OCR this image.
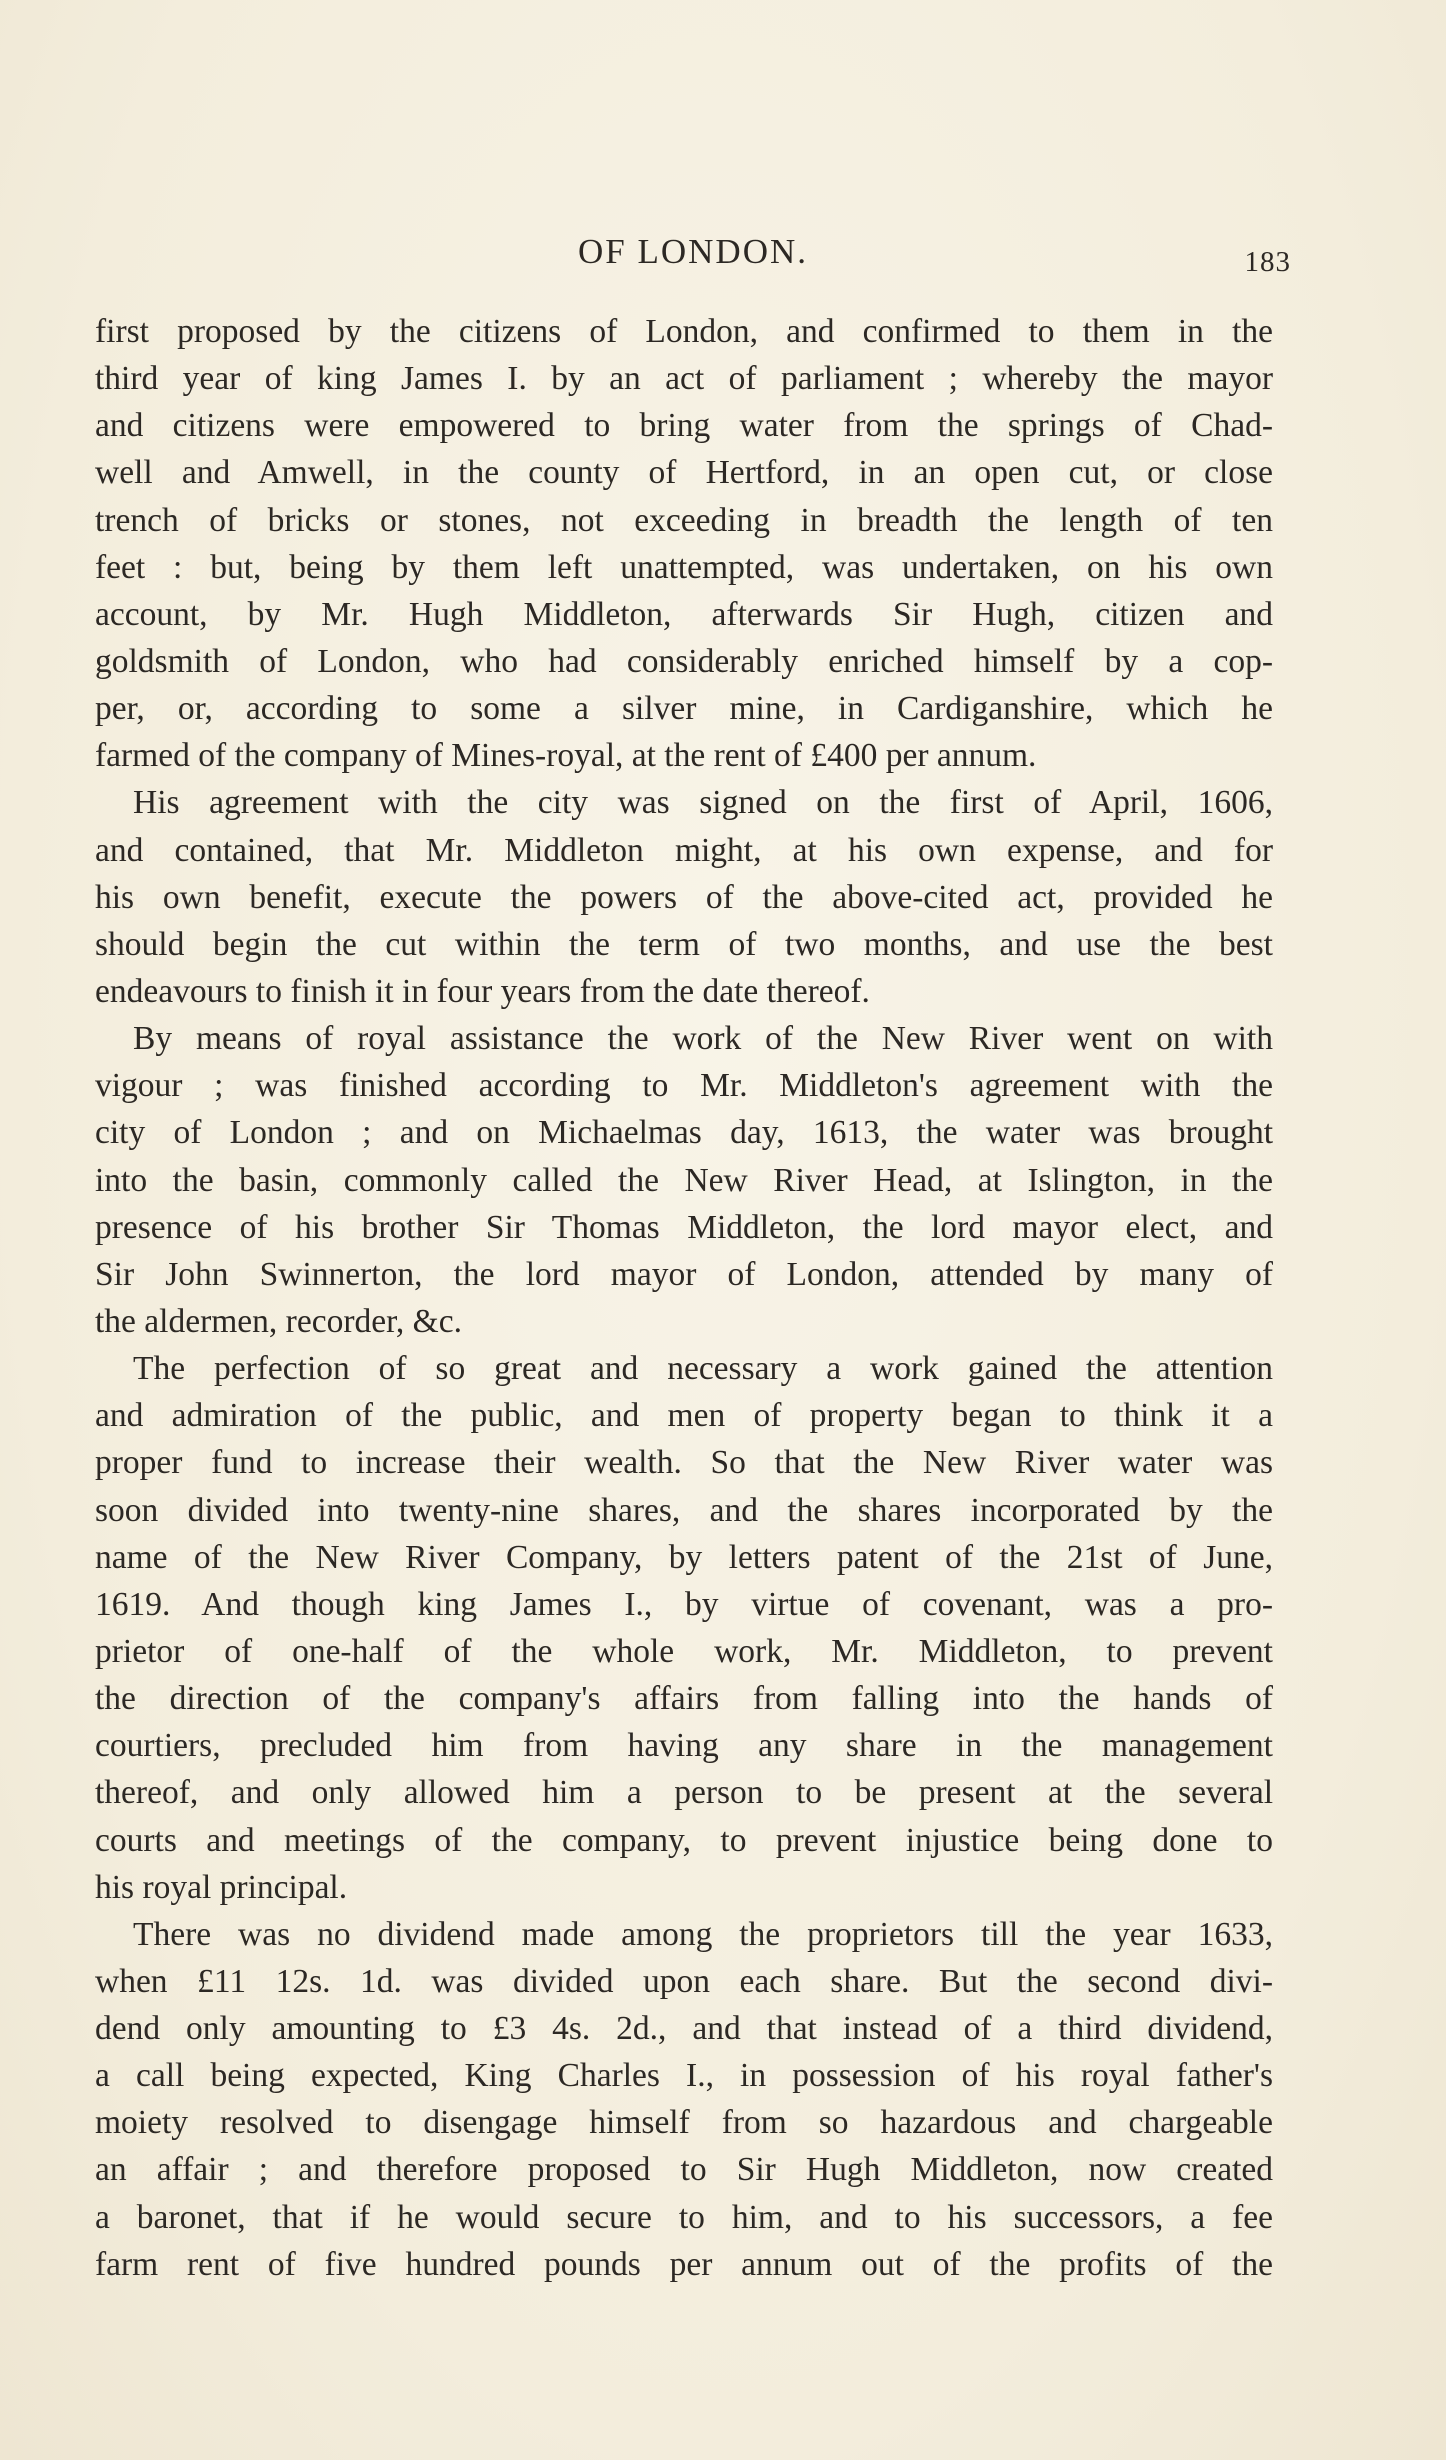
OF LONDON.	183
first proposed by the citizens of London, and confirmed to them in the
third year of king James I. by an act of parliament ; whereby the mayor
and citizens were empowered to bring water from the springs of Chad-
well and Amwell, in the county of Hertford, in an open cut, or close
trench of bricks or stones, not exceeding in breadth the length of ten
feet : but, being by them left unattempted, was undertaken, on his own
account, by Mr. Hugh Middleton, afterwards Sir Hugh, citizen and
goldsmith of London, who had considerably enriched himself by a cop-
per, or, according to some a silver mine, in Cardiganshire, which he
farmed of the company of Mines-royal, at the rent of £400 per annum.
His agreement with the city was signed on the first of April, 1606,
and contained, that Mr. Middleton might, at his own expense, and for
his own benefit, execute the powers of the above-cited act, provided he
should begin the cut within the term of two months, and use the best
endeavours to finish it in four years from the date thereof.
By means of royal assistance the work of the New River went on with
vigour ; was finished according to Mr. Middleton's agreement with the
city of London ; and on Michaelmas day, 1613, the water was brought
into the basin, commonly called the New River Head, at Islington, in the
presence of his brother Sir Thomas Middleton, the lord mayor elect, and
Sir John Swinnerton, the lord mayor of London, attended by many of
the aldermen, recorder, &c.
The perfection of so great and necessary a work gained the attention
and admiration of the public, and men of property began to think it a
proper fund to increase their wealth. So that the New River water was
soon divided into twenty-nine shares, and the shares incorporated by the
name of the New River Company, by letters patent of the 21st of June,
1619. And though king James I., by virtue of covenant, was a pro-
prietor of one-half of the whole work, Mr. Middleton, to prevent
the direction of the company's affairs from falling into the hands of
courtiers, precluded him from having any share in the management
thereof, and only allowed him a person to be present at the several
courts and meetings of the company, to prevent injustice being done to
his royal principal.
There was no dividend made among the proprietors till the year 1633,
when £11 12s. 1d. was divided upon each share. But the second divi-
dend only amounting to £3 4s. 2d., and that instead of a third dividend,
a call being expected, King Charles I., in possession of his royal father's
moiety resolved to disengage himself from so hazardous and chargeable
an affair ; and therefore proposed to Sir Hugh Middleton, now created
a baronet, that if he would secure to him, and to his successors, a fee
farm rent of five hundred pounds per annum out of the profits of the
